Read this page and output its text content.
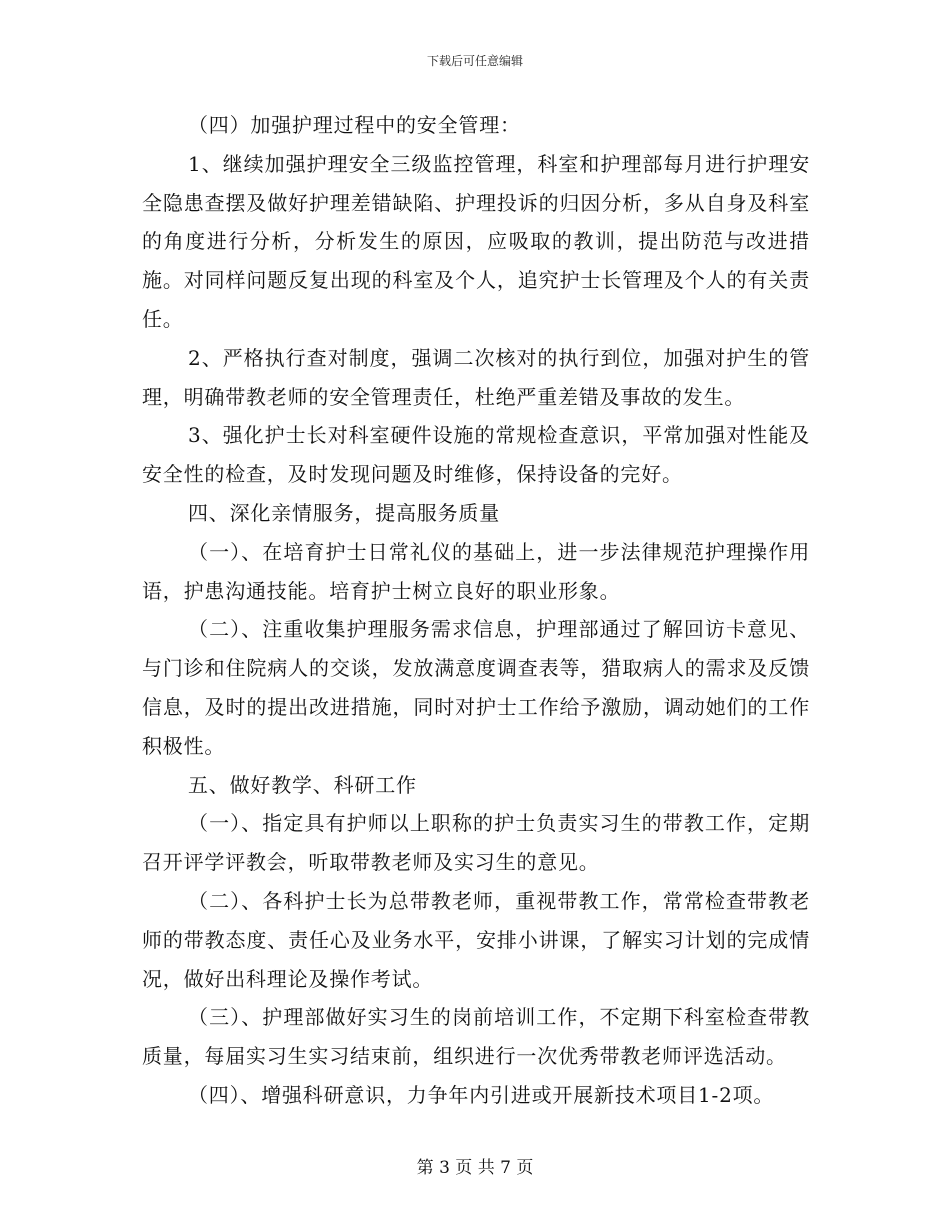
下载后可任意编辑

（四）加强护理过程中的安全管理：

1、继续加强护理安全三级监控管理，科室和护理部每月进行护理安全隐患查摆及做好护理差错缺陷、护理投诉的归因分析，多从自身及科室的角度进行分析，分析发生的原因，应吸取的教训，提出防范与改进措施。对同样问题反复出现的科室及个人，追究护士长管理及个人的有关责任。

2、严格执行查对制度，强调二次核对的执行到位，加强对护生的管理，明确带教老师的安全管理责任，杜绝严重差错及事故的发生。

3、强化护士长对科室硬件设施的常规检查意识，平常加强对性能及安全性的检查，及时发现问题及时维修，保持设备的完好。

四、深化亲情服务，提高服务质量

（一）、在培育护士日常礼仪的基础上，进一步法律规范护理操作用语，护患沟通技能。培育护士树立良好的职业形象。

（二）、注重收集护理服务需求信息，护理部通过了解回访卡意见、与门诊和住院病人的交谈，发放满意度调查表等，猎取病人的需求及反馈信息，及时的提出改进措施，同时对护士工作给予激励，调动她们的工作积极性。

五、做好教学、科研工作

（一）、指定具有护师以上职称的护士负责实习生的带教工作，定期召开评学评教会，听取带教老师及实习生的意见。

（二）、各科护士长为总带教老师，重视带教工作，常常检查带教老师的带教态度、责任心及业务水平，安排小讲课，了解实习计划的完成情况，做好出科理论及操作考试。

（三）、护理部做好实习生的岗前培训工作，不定期下科室检查带教质量，每届实习生实习结束前，组织进行一次优秀带教老师评选活动。

（四）、增强科研意识，力争年内引进或开展新技术项目1-2项。

第 3 页 共 7 页
